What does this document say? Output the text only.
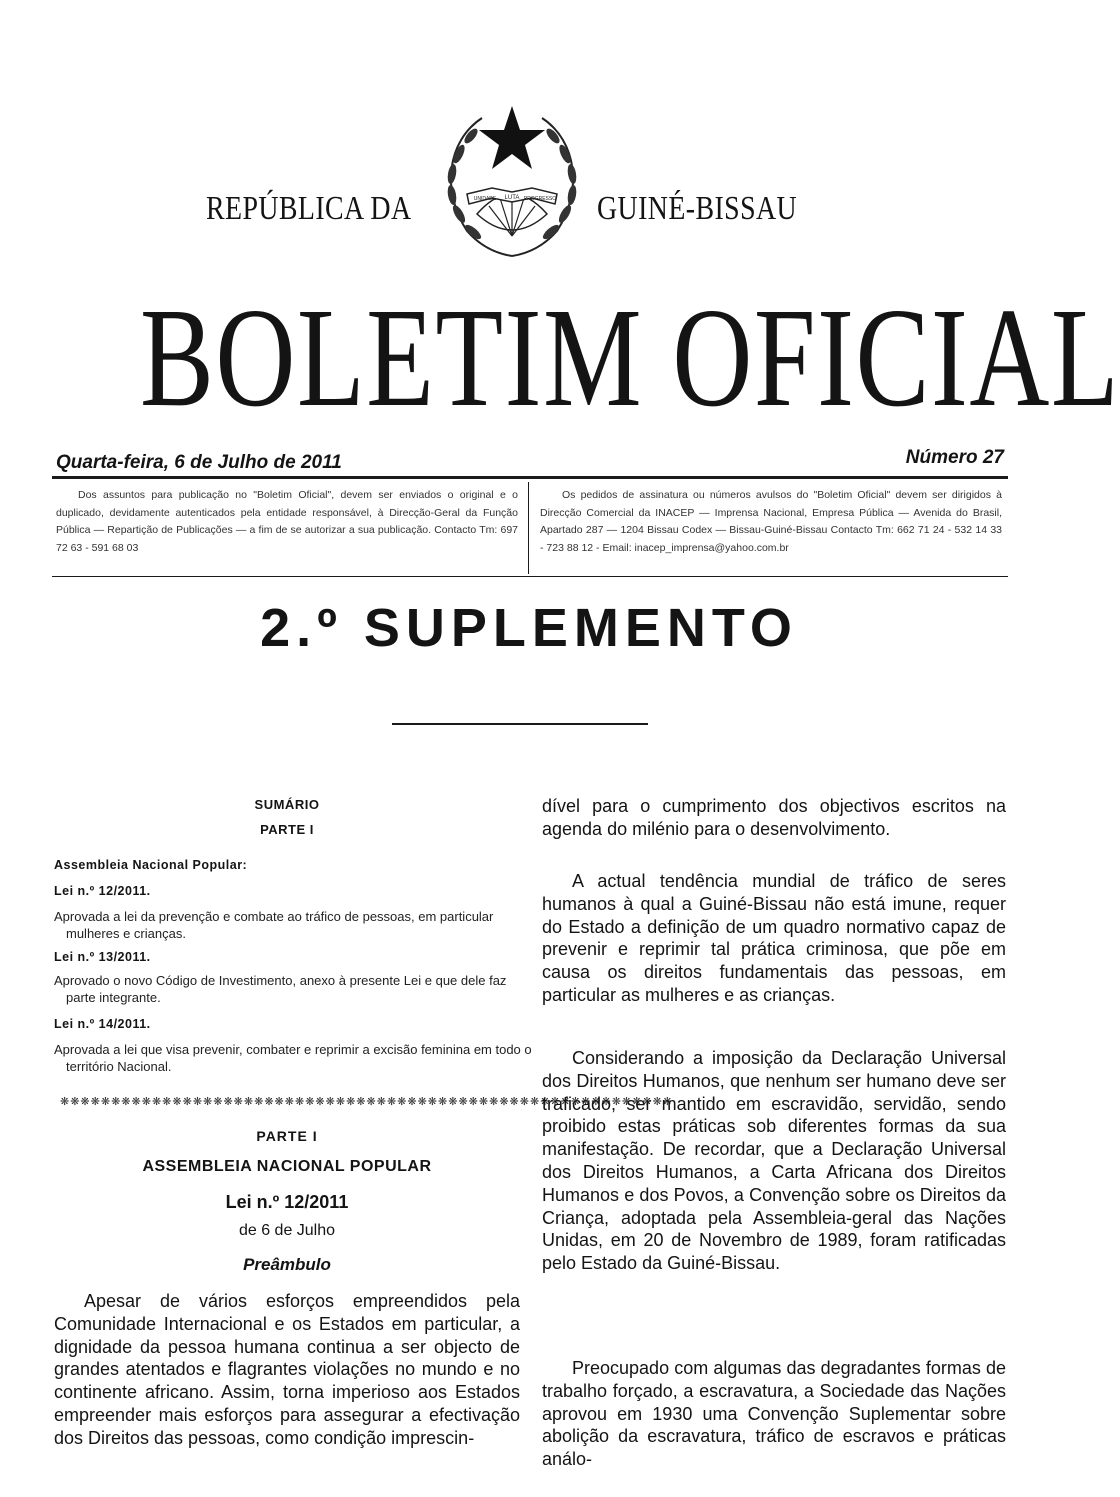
REPÚBLICA DA	LUTA
UNIDADE	PROGRESSO GUINÉ-BISSAU
BOLETIM OFICIAL
Quarta-feira, 6 de Julho de 2011	Número 27
Dos assuntos para publicação no "Boletim Oficial", devem ser enviados o original e o duplicado, devidamente autenticados pela entidade responsável, à Direcção-Geral da Função Pública — Repartição de Publicações — a fim de se autorizar a sua publicação. Contacto Tm: 697 72 63 - 591 68 03
Os pedidos de assinatura ou números avulsos do "Boletim Oficial" devem ser dirigidos à Direcção Comercial da INACEP — Imprensa Nacional, Empresa Pública — Avenida do Brasil, Apartado 287 — 1204 Bissau Codex — Bissau-Guiné-Bissau Contacto Tm: 662 71 24 - 532 14 33 - 723 88 12 - Email: inacep_imprensa@yahoo.com.br
2.º SUPLEMENTO
SUMÁRIO
PARTE I
Assembleia Nacional Popular:
Lei n.º 12/2011.
Aprovada a lei da prevenção e combate ao tráfico de pessoas, em particular mulheres e crianças.
Lei n.º 13/2011.
Aprovado o novo Código de Investimento, anexo à presente Lei e que dele faz parte integrante.
Lei n.º 14/2011.
Aprovada a lei que visa prevenir, combater e reprimir a excisão feminina em todo o território Nacional.
❋❋❋❋❋❋❋❋❋❋❋❋❋❋❋❋❋❋❋❋❋❋❋❋❋❋❋❋❋❋❋❋❋❋❋❋❋❋❋❋❋❋❋❋❋❋❋❋❋❋❋❋❋❋❋❋❋❋❋❋
PARTE I
ASSEMBLEIA NACIONAL POPULAR
Lei n.º 12/2011
de 6 de Julho
Preâmbulo
Apesar de vários esforços empreendidos pela Comunidade Internacional e os Estados em particular, a dignidade da pessoa humana continua a ser objecto de grandes atentados e flagrantes violações no mundo e no continente africano. Assim, torna imperioso aos Estados empreender mais esforços para assegurar a efectivação dos Direitos das pessoas, como condição imprescin-
dível para o cumprimento dos objectivos escritos na agenda do milénio para o desenvolvimento.
A actual tendência mundial de tráfico de seres humanos à qual a Guiné-Bissau não está imune, requer do Estado a definição de um quadro normativo capaz de prevenir e reprimir tal prática criminosa, que põe em causa os direitos fundamentais das pessoas, em particular as mulheres e as crianças.
Considerando a imposição da Declaração Universal dos Direitos Humanos, que nenhum ser humano deve ser traficado, ser mantido em escravidão, servidão, sendo proibido estas práticas sob diferentes formas da sua manifestação. De recordar, que a Declaração Universal dos Direitos Humanos, a Carta Africana dos Direitos Humanos e dos Povos, a Convenção sobre os Direitos da Criança, adoptada pela Assembleia-geral das Nações Unidas, em 20 de Novembro de 1989, foram ratificadas pelo Estado da Guiné-Bissau.
Preocupado com algumas das degradantes formas de trabalho forçado, a escravatura, a Sociedade das Nações aprovou em 1930 uma Convenção Suplementar sobre abolição da escravatura, tráfico de escravos e práticas análo-
